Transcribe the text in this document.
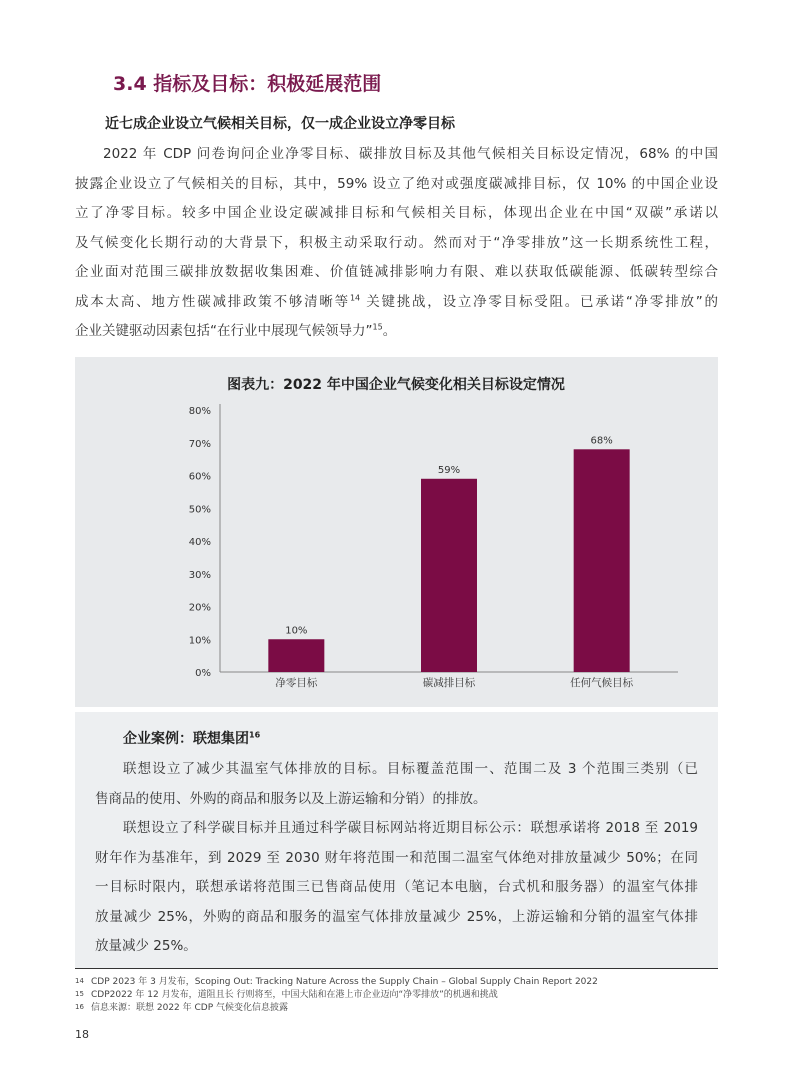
3.4 指标及目标：积极延展范围
近七成企业设立气候相关目标，仅一成企业设立净零目标
2022 年 CDP 问卷询问企业净零目标、碳排放目标及其他气候相关目标设定情况，68% 的中国
披露企业设立了气候相关的目标，其中，59% 设立了绝对或强度碳减排目标，仅 10% 的中国企业设
立了净零目标。较多中国企业设定碳减排目标和气候相关目标，体现出企业在中国“双碳”承诺以
及气候变化长期行动的大背景下，积极主动采取行动。然而对于“净零排放”这一长期系统性工程，
企业面对范围三碳排放数据收集困难、价值链减排影响力有限、难以获取低碳能源、低碳转型综合
成本太高、地方性碳减排政策不够清晰等$^{14}$ 关键挑战，设立净零目标受阻。已承诺“净零排放”的
企业关键驱动因素包括“在行业中展现气候领导力”$^{15}$。
图表九：2022 年中国企业气候变化相关目标设定情况
0%
10%
20%
30%
40%
50%
60%
70%
80%
10%
净零目标
59%
碳减排目标
68%
任何气候目标
企业案例：联想集团$^{16}$
联想设立了减少其温室气体排放的目标。目标覆盖范围一、范围二及 3 个范围三类别（已
售商品的使用、外购的商品和服务以及上游运输和分销）的排放。
联想设立了科学碳目标并且通过科学碳目标网站将近期目标公示：联想承诺将 2018 至 2019
财年作为基准年，到 2029 至 2030 财年将范围一和范围二温室气体绝对排放量减少 50%；在同
一目标时限内，联想承诺将范围三已售商品使用（笔记本电脑，台式机和服务器）的温室气体排
放量减少 25%，外购的商品和服务的温室气体排放量减少 25%，上游运输和分销的温室气体排
放量减少 25%。
14 CDP 2023 年 3 月发布，Scoping Out: Tracking Nature Across the Supply Chain – Global Supply Chain Report 2022
15 CDP2022 年 12 月发布，道阻且长 行则将至，中国大陆和在港上市企业迈向“净零排放”的机遇和挑战
16 信息来源：联想 2022 年 CDP 气候变化信息披露
18
